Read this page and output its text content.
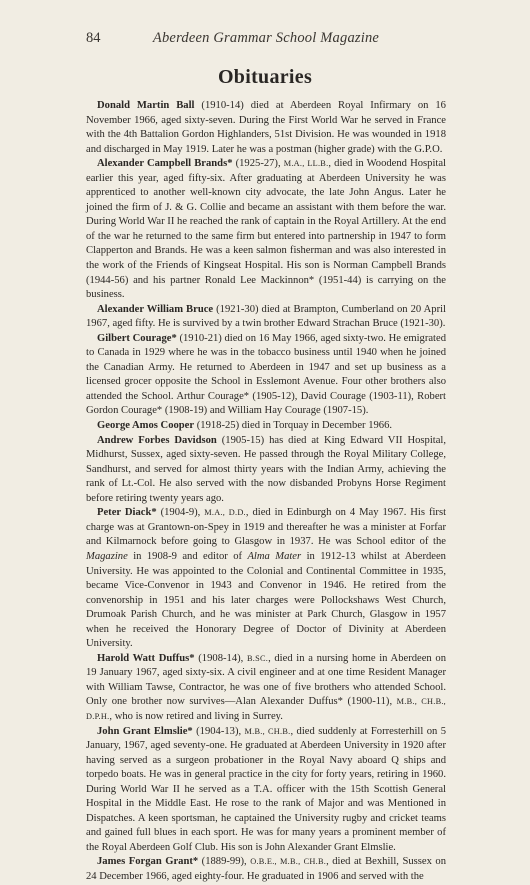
84	Aberdeen Grammar School Magazine
Obituaries

Donald Martin Ball (1910-14) died at Aberdeen Royal Infirmary on 16 November 1966, aged sixty-seven. During the First World War he served in France with the 4th Battalion Gordon Highlanders, 51st Division. He was wounded in 1918 and discharged in May 1919. Later he was a postman (higher grade) with the G.P.O.

Alexander Campbell Brands* (1925-27), M.A., LL.B., died in Woodend Hospital earlier this year, aged fifty-six. After graduating at Aberdeen University he was apprenticed to another well-known city advocate, the late John Angus. Later he joined the firm of J. & G. Collie and became an assistant with them before the war. During World War II he reached the rank of captain in the Royal Artillery. At the end of the war he returned to the same firm but entered into partnership in 1947 to form Clapperton and Brands. He was a keen salmon fisherman and was also interested in the work of the Friends of Kingseat Hospital. His son is Norman Campbell Brands (1944-56) and his partner Ronald Lee Mackinnon* (1951-44) is carrying on the business.

Alexander William Bruce (1921-30) died at Brampton, Cumberland on 20 April 1967, aged fifty. He is survived by a twin brother Edward Strachan Bruce (1921-30).

Gilbert Courage* (1910-21) died on 16 May 1966, aged sixty-two. He emigrated to Canada in 1929 where he was in the tobacco business until 1940 when he joined the Canadian Army. He returned to Aberdeen in 1947 and set up business as a licensed grocer opposite the School in Esslemont Avenue. Four other brothers also attended the School. Arthur Courage* (1905-12), David Courage (1903-11), Robert Gordon Courage* (1908-19) and William Hay Courage (1907-15).

George Amos Cooper (1918-25) died in Torquay in December 1966.

Andrew Forbes Davidson (1905-15) has died at King Edward VII Hospital, Midhurst, Sussex, aged sixty-seven. He passed through the Royal Military College, Sandhurst, and served for almost thirty years with the Indian Army, achieving the rank of Lt.-Col. He also served with the now disbanded Probyns Horse Regiment before retiring twenty years ago.

Peter Diack* (1904-9), M.A., D.D., died in Edinburgh on 4 May 1967. His first charge was at Grantown-on-Spey in 1919 and thereafter he was a minister at Forfar and Kilmarnock before going to Glasgow in 1937. He was School editor of the Magazine in 1908-9 and editor of Alma Mater in 1912-13 whilst at Aberdeen University. He was appointed to the Colonial and Continental Committee in 1935, became Vice-Convenor in 1943 and Convenor in 1946. He retired from the convenorship in 1951 and his later charges were Pollockshaws West Church, Drumoak Parish Church, and he was minister at Park Church, Glasgow in 1957 when he received the Honorary Degree of Doctor of Divinity at Aberdeen University.

Harold Watt Duffus* (1908-14), B.SC., died in a nursing home in Aberdeen on 19 January 1967, aged sixty-six. A civil engineer and at one time Resident Manager with William Tawse, Contractor, he was one of five brothers who attended School. Only one brother now survives—Alan Alexander Duffus* (1900-11), M.B., CH.B., D.P.H., who is now retired and living in Surrey.

John Grant Elmslie* (1904-13), M.B., CH.B., died suddenly at Forresterhill on 5 January, 1967, aged seventy-one. He graduated at Aberdeen University in 1920 after having served as a surgeon probationer in the Royal Navy aboard Q ships and torpedo boats. He was in general practice in the city for forty years, retiring in 1960. During World War II he served as a T.A. officer with the 15th Scottish General Hospital in the Middle East. He rose to the rank of Major and was Mentioned in Dispatches. A keen sportsman, he captained the University rugby and cricket teams and gained full blues in each sport. He was for many years a prominent member of the Royal Aberdeen Golf Club. His son is John Alexander Grant Elmslie.

James Forgan Grant* (1889-99), O.B.E., M.B., CH.B., died at Bexhill, Sussex on 24 December 1966, aged eighty-four. He graduated in 1906 and served with the
